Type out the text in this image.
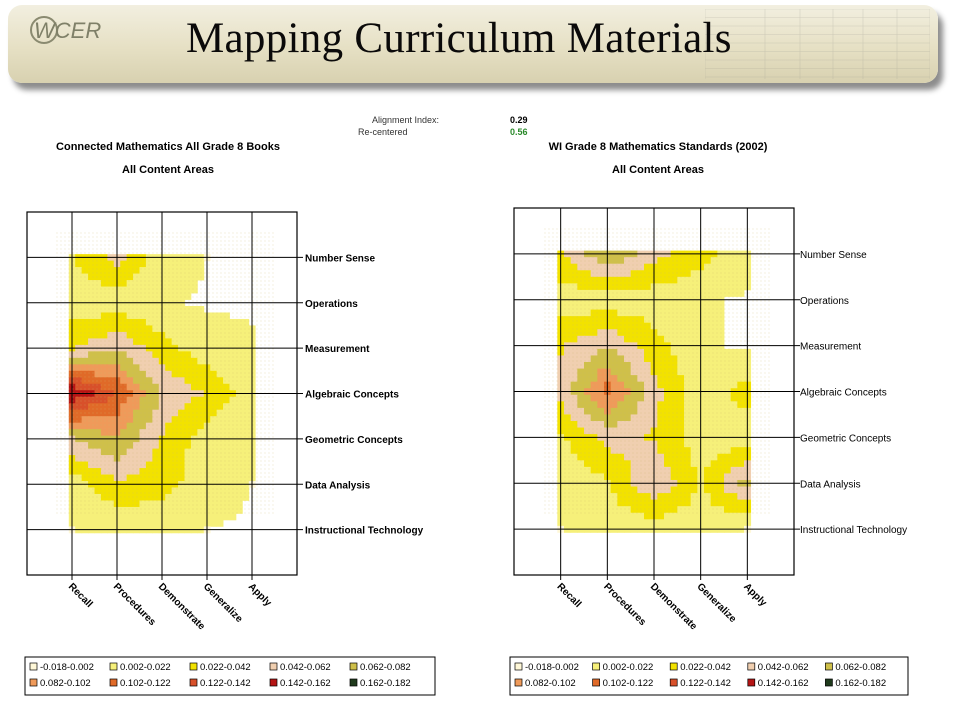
WCER Mapping Curriculum Materials
Alignment Index:	0.29
Re-centered	0.56
Connected Mathematics All Grade 8 Books
All Content Areas
Number Sense
Operations
Measurement
Algebraic Concepts
Geometric Concepts
Data Analysis
Instructional Technology
Recall Procedures
Demonstrate
Generalize Apply
-0.018-0.002	0.002-0.022	0.022-0.042	0.042-0.062	0.062-0.082
0.082-0.102	0.102-0.122	0.122-0.142	0.142-0.162	0.162-0.182
WI Grade 8 Mathematics Standards (2002)
All Content Areas
Number Sense
Operations
Measurement
Algebraic Concepts
Geometric Concepts
Data Analysis
Instructional Technology
Recall Procedures Demonstrate
Generalize Apply
-0.018-0.002 0.002-0.022	0.022-0.042	0.042-0.062	0.062-0.082
0.082-0.102	0.102-0.122	0.122-0.142	0.142-0.162	0.162-0.182
